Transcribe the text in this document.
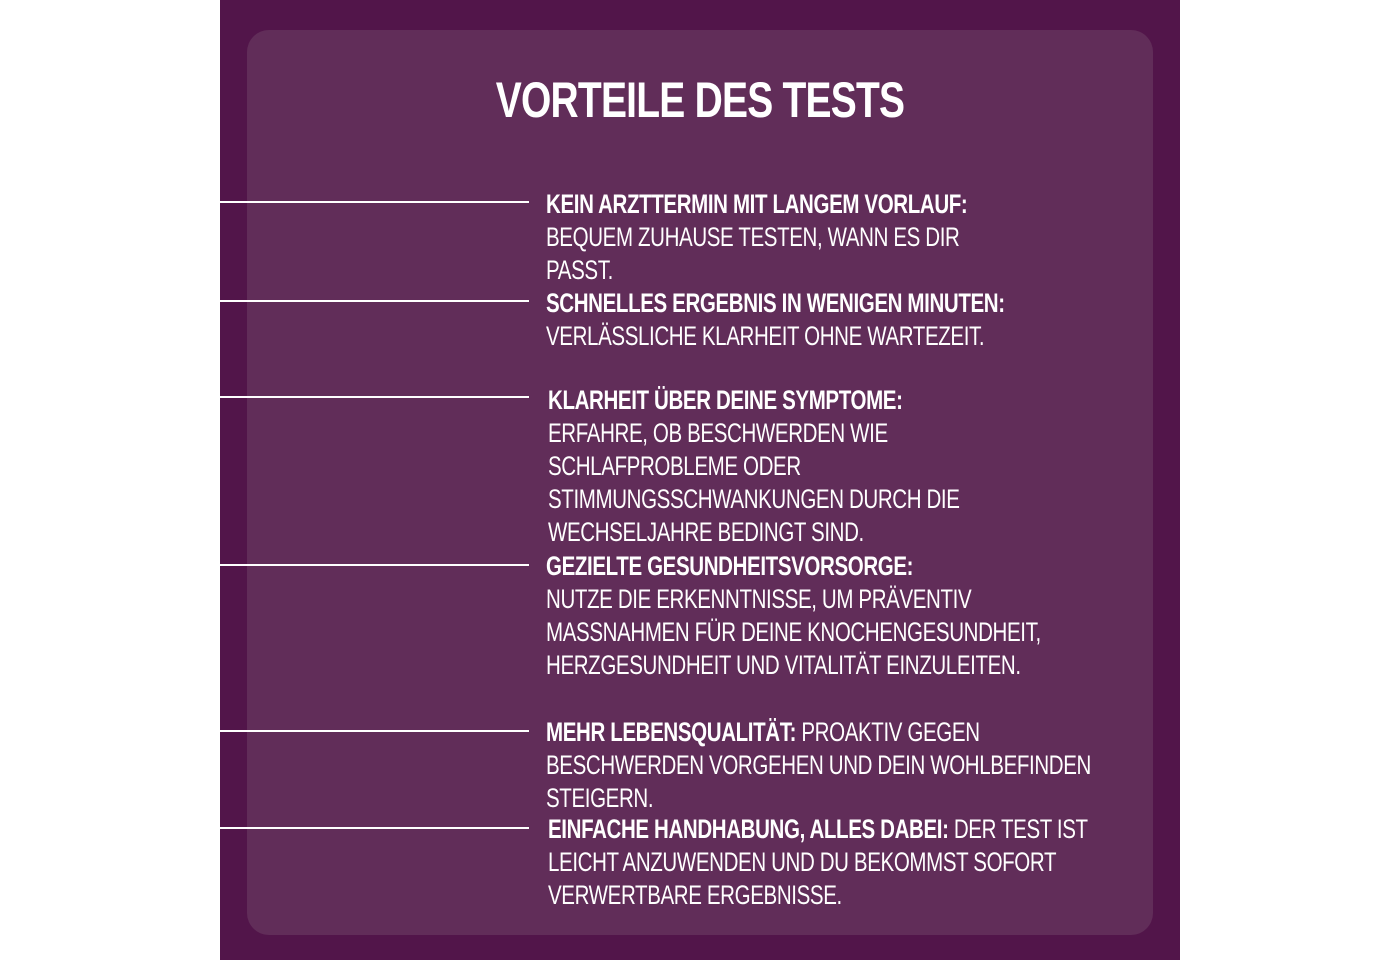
VORTEILE DES TESTS

KEIN ARZTTERMIN MIT LANGEM VORLAUF:
BEQUEM ZUHAUSE TESTEN, WANN ES DIR PASST.

SCHNELLES ERGEBNIS IN WENIGEN MINUTEN: VERLÄSSLICHE KLARHEIT OHNE WARTEZEIT.

KLARHEIT ÜBER DEINE SYMPTOME:
ERFAHRE, OB BESCHWERDEN WIE SCHLAFPROBLEME ODER STIMMUNGSSCHWANKUNGEN DURCH DIE WECHSELJAHRE BEDINGT SIND.

GEZIELTE GESUNDHEITSVORSORGE:
NUTZE DIE ERKENNTNISSE, UM PRÄVENTIV MASSNAHMEN FÜR DEINE KNOCHENGESUNDHEIT, HERZGESUNDHEIT UND VITALITÄT EINZULEITEN.

MEHR LEBENSQUALITÄT: PROAKTIV GEGEN BESCHWERDEN VORGEHEN UND DEIN WOHLBEFINDEN STEIGERN.

EINFACHE HANDHABUNG, ALLES DABEI: DER TEST IST LEICHT ANZUWENDEN UND DU BEKOMMST SOFORT VERWERTBARE ERGEBNISSE.
